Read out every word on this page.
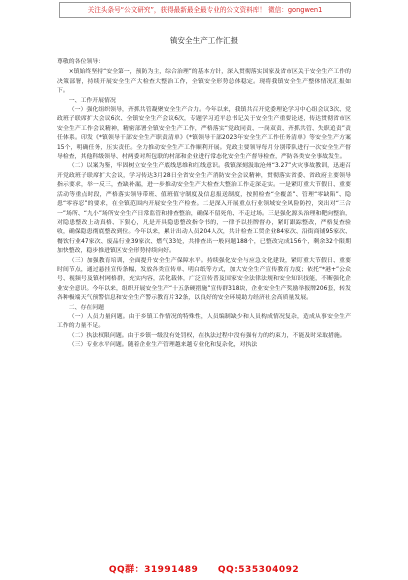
关注头条号“公文研究”，获得最新最全最专业的公文资料库！ 微信：gongwen1
镇安全生产工作汇报

尊敬的各位领导：

×镇始终坚持“安全第一，预防为主，综合治理”的基本方针，深入贯彻落实国家及省市区关于安全生产工作的决策部署，持续开展安全生产大检查大整治工作，全镇安全形势总体稳定。现将我镇安全生产整体情况汇报如下。

一、工作开展情况

（一）强化组织领导，齐抓共管凝聚安全生产合力。今年以来，我镇共召开党委理论学习中心组会议3次、党政班子联席扩大会议6次、全镇安全生产会议6次，专题学习近平总书记关于安全生产重要论述，传达贯彻省市区安全生产工作会议精神，精密部署全镇安全生产工作，严格落实“党政同责、一岗双责、齐抓共管、失职追责”责任体系。印发《*镇领导干部安全生产职责清单》《*镇领导干部2023年安全生产工作任务清单》等安全生产方案15个，明确任务，压实责任。全力推动安全生产工作顺利开展。党政主要领导每月分别带队进行一次安全生产督导检查，其他科级领导、村两委对所包联的村部和企业进行常态化安全生产督导检查，严防各类安全事故发生。

（二）以案为鉴，牢固树立安全生产底线思维和红线意识。我镇深刻汲取沧州“3.27”火灾事故教训，迅速召开党政班子联席扩大会议，学习传达3月28日全省安全生产消防安全会议精神，贯彻落实省委、省政府主要领导指示要求，举一反三，查缺补漏，进一步推动安全生产大检查大整治工作走深走实。一是紧盯重大节假日、重要活动等重点时段，严格落实领导带班、值班值守制度及信息报送制度，按照检查“全覆盖”、管理“零缺陷”、隐患“零容忍”的要求，在全镇范围内开展安全生产检查。二是深入开展重点行业领域安全风险防控，突出对“三合一”场所、“九小”场所安全生产日常监管和排查整治，确保不留死角、不走过场。三是强化源头治理和靶向整治，对隐患整改上动真格、下狠心，凡是开具隐患整改指令书的，一律予以挂牌督办，紧盯跟踪整改，严格复查验收，确保隐患彻底整改到位。今年以来，累计出动人员204人次，共计检查工贸企业84家次、沿街商铺95家次、餐饮行业47家次、废品行业39家次、燃气33处，共排查出一般问题188个，已整改完成156个，剩余32个限期加快整改，稳步推进镇区安全形势持续向好。

（三）加强教育培训，全面提升安全生产保障水平。持续强化安全与应急文化建设，紧盯重大节假日、重要时间节点，通过悬挂宣传条幅，发放各类宣传单、明白纸等方式，加大安全生产宣传教育力度；依托“*港+”公众号、视频号及镇村网格群，充实内容，活化载体，广泛宣传普及国家安全法律法规和安全知识技能，不断强化企业安全意识。今年以来，组织开展安全生产“十五条硬措施”宣传群318块，企业安全生产奖励举报牌206套，转发各种极端天气预警信息和安全生产警示教育片32条，以良好的安全环境助力经济社会高质量发展。

二、存在问题

（一）人员力量问题。由于乡镇工作情况的特殊性，人员编制缺少和人员构成情况复杂，造成从事安全生产工作的力量不足。

（二）执法权限问题。由于乡镇一级没有处罚权，在执法过程中没有强有力的约束力，不能及时采取措施。

（三）专业水平问题。随着企业生产管理越来越专业化和复杂化，对执法

QQ群：31991489 QQ:535304092
